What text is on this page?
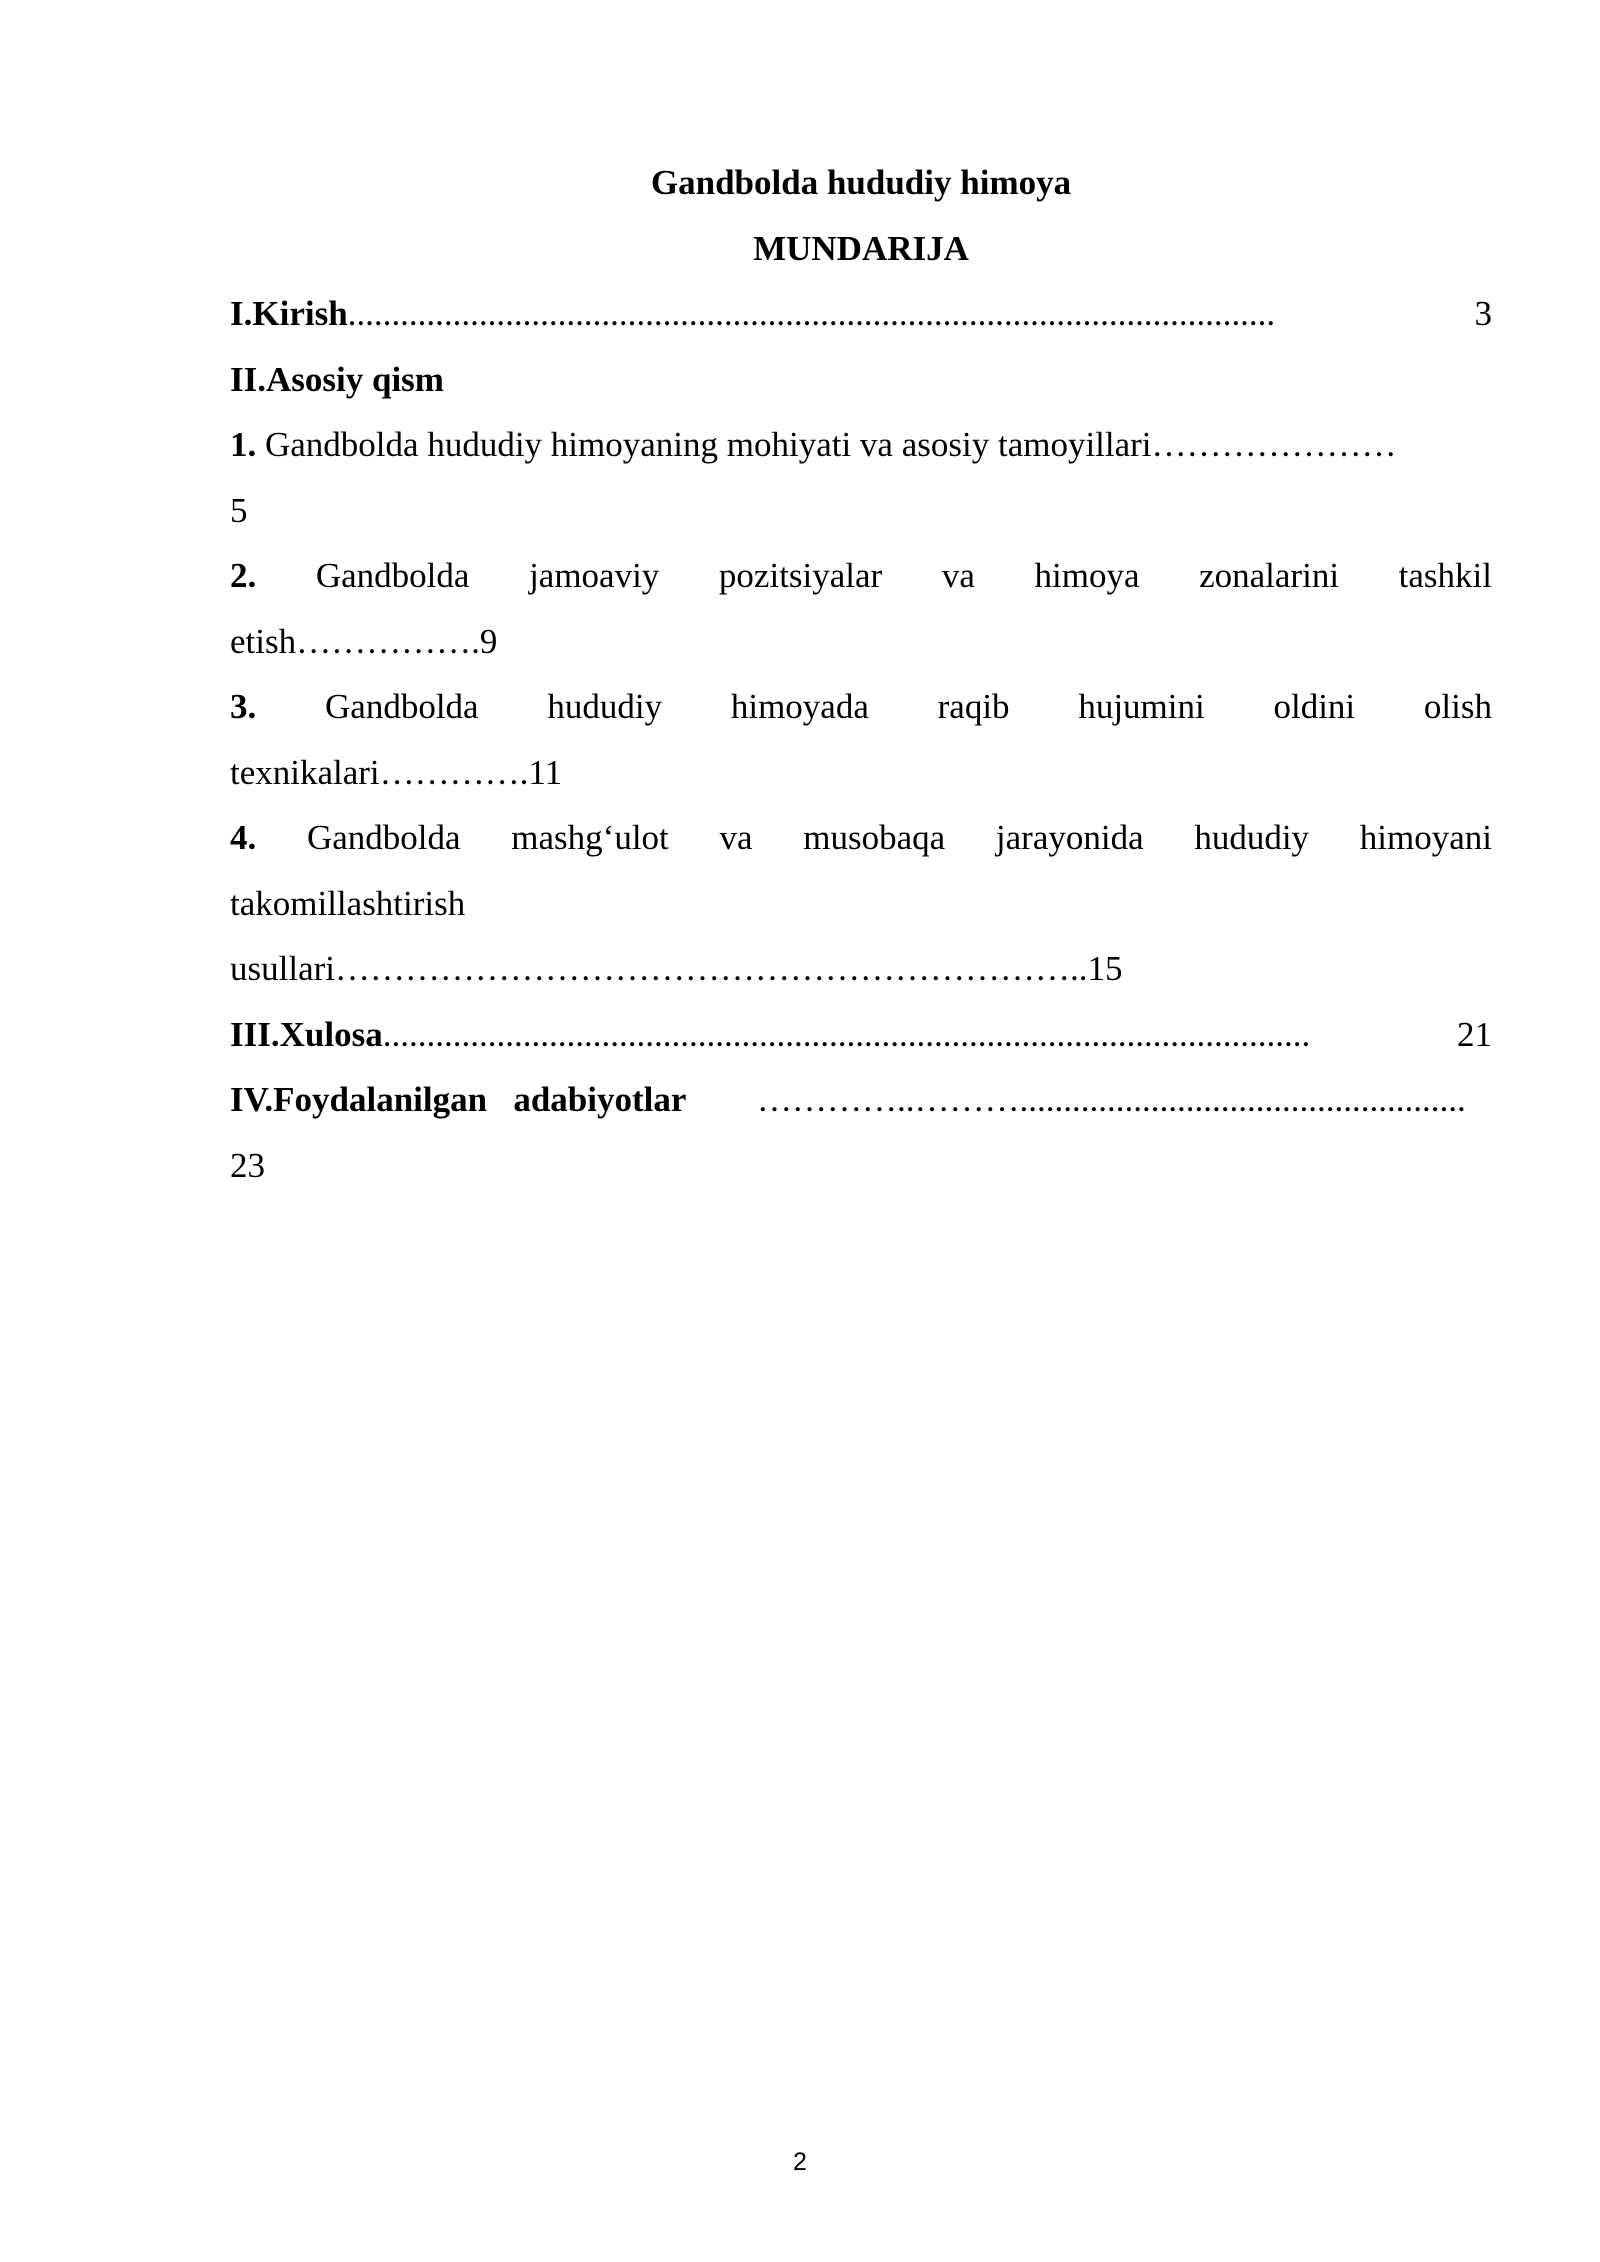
Gandbolda hududiy himoya
MUNDARIJA
I.Kirish ..........................................................................................................	3
II.Asosiy qism
1. Gandbolda hududiy himoyaning mohiyati va asosiy tamoyillari…………………
5
2. Gandbolda jamoaviy pozitsiyalar va himoya zonalarini tashkil
etish…………….9
3. Gandbolda hududiy himoyada raqib hujumini oldini olish
texnikalari………….11
4. Gandbolda mashg‘ulot va musobaqa jarayonida hududiy himoyani
takomillashtirish
usullari………………………………………………………..15
III.Xulosa ..........................................................................................................	21
IV.Foydalanilgan   adabiyotlar	...................................................………..…………
23
2
